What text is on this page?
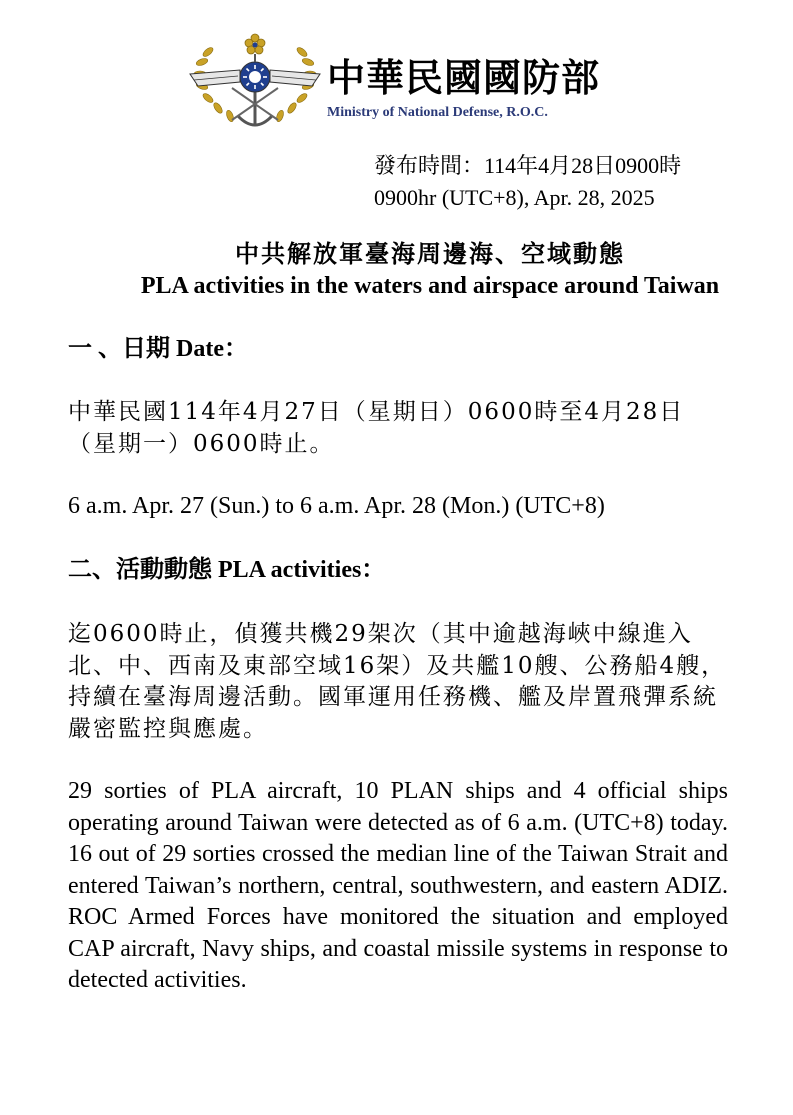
中華民國國防部
Ministry of National Defense, R.O.C.
發布時間：114年4月28日0900時
0900hr (UTC+8), Apr. 28, 2025
中共解放軍臺海周邊海、空域動態
PLA activities in the waters and airspace around Taiwan
一 、日期 Date：
中華民國114年4月27日（星期日）0600時至4月28日（星期一）0600時止。
6 a.m. Apr. 27 (Sun.) to 6 a.m. Apr. 28 (Mon.) (UTC+8)
二、活動動態 PLA activities：
迄0600時止，偵獲共機29架次（其中逾越海峽中線進入北、中、西南及東部空域16架）及共艦10艘、公務船4艘，持續在臺海周邊活動。國軍運用任務機、艦及岸置飛彈系統嚴密監控與應處。
29 sorties of PLA aircraft, 10 PLAN ships and 4 official ships operating around Taiwan were detected as of 6 a.m. (UTC+8) today. 16 out of 29 sorties crossed the median line of the Taiwan Strait and entered Taiwan’s northern, central, southwestern, and eastern ADIZ. ROC Armed Forces have monitored the situation and employed CAP aircraft, Navy ships, and coastal missile systems in response to detected activities.
